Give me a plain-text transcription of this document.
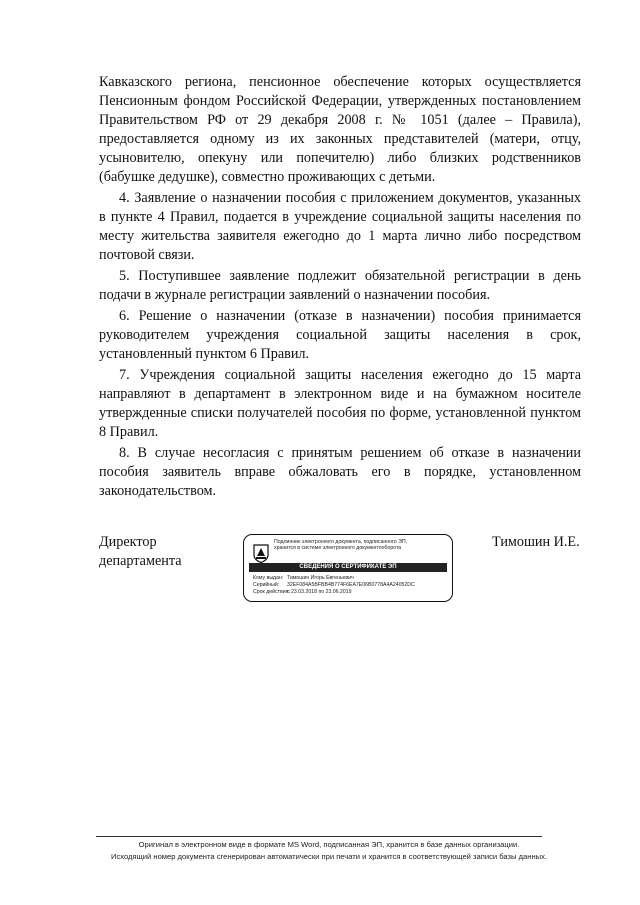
Кавказского региона, пенсионное обеспечение которых осуществляется Пенсионным фондом Российской Федерации, утвержденных постановлением Правительством РФ от 29 декабря 2008 г. № 1051 (далее – Правила), предоставляется одному из их законных представителей (матери, отцу, усыновителю, опекуну или попечителю) либо близких родственников (бабушке дедушке), совместно проживающих с детьми.

4. Заявление о назначении пособия с приложением документов, указанных в пункте 4 Правил, подается в учреждение социальной защиты населения по месту жительства заявителя ежегодно до 1 марта лично либо посредством почтовой связи.

5. Поступившее заявление подлежит обязательной регистрации в день подачи в журнале регистрации заявлений о назначении пособия.

6. Решение о назначении (отказе в назначении) пособия принимается руководителем учреждения социальной защиты населения в срок, установленный пунктом 6 Правил.

7. Учреждения социальной защиты населения ежегодно до 15 марта направляют в департамент в электронном виде и на бумажном носителе утвержденные списки получателей пособия по форме, установленной пунктом 8 Правил.

8. В случае несогласия с принятым решением об отказе в назначении пособия заявитель вправе обжаловать его в порядке, установленном законодательством.

Директор
департамента
Подлинник электронного документа, подписанного ЭП,
хранится в системе электронного документооборота
СВЕДЕНИЯ О СЕРТИФИКАТЕ ЭП
Кому выдан: Тимошин Игорь Евгеньевич
Серийный:	32EF084A5BFBB4B774F6EA7E06B0778A4A24052DC
Срок действия:
с 23.03.2018 по 23.06.2019
Тимошин И.Е.

Оригинал в электронном виде в формате MS Word, подписанная ЭП, хранится в базе данных организации.

Исходящий номер документа сгенерирован автоматически при печати и хранится в соответствующей записи базы данных.
